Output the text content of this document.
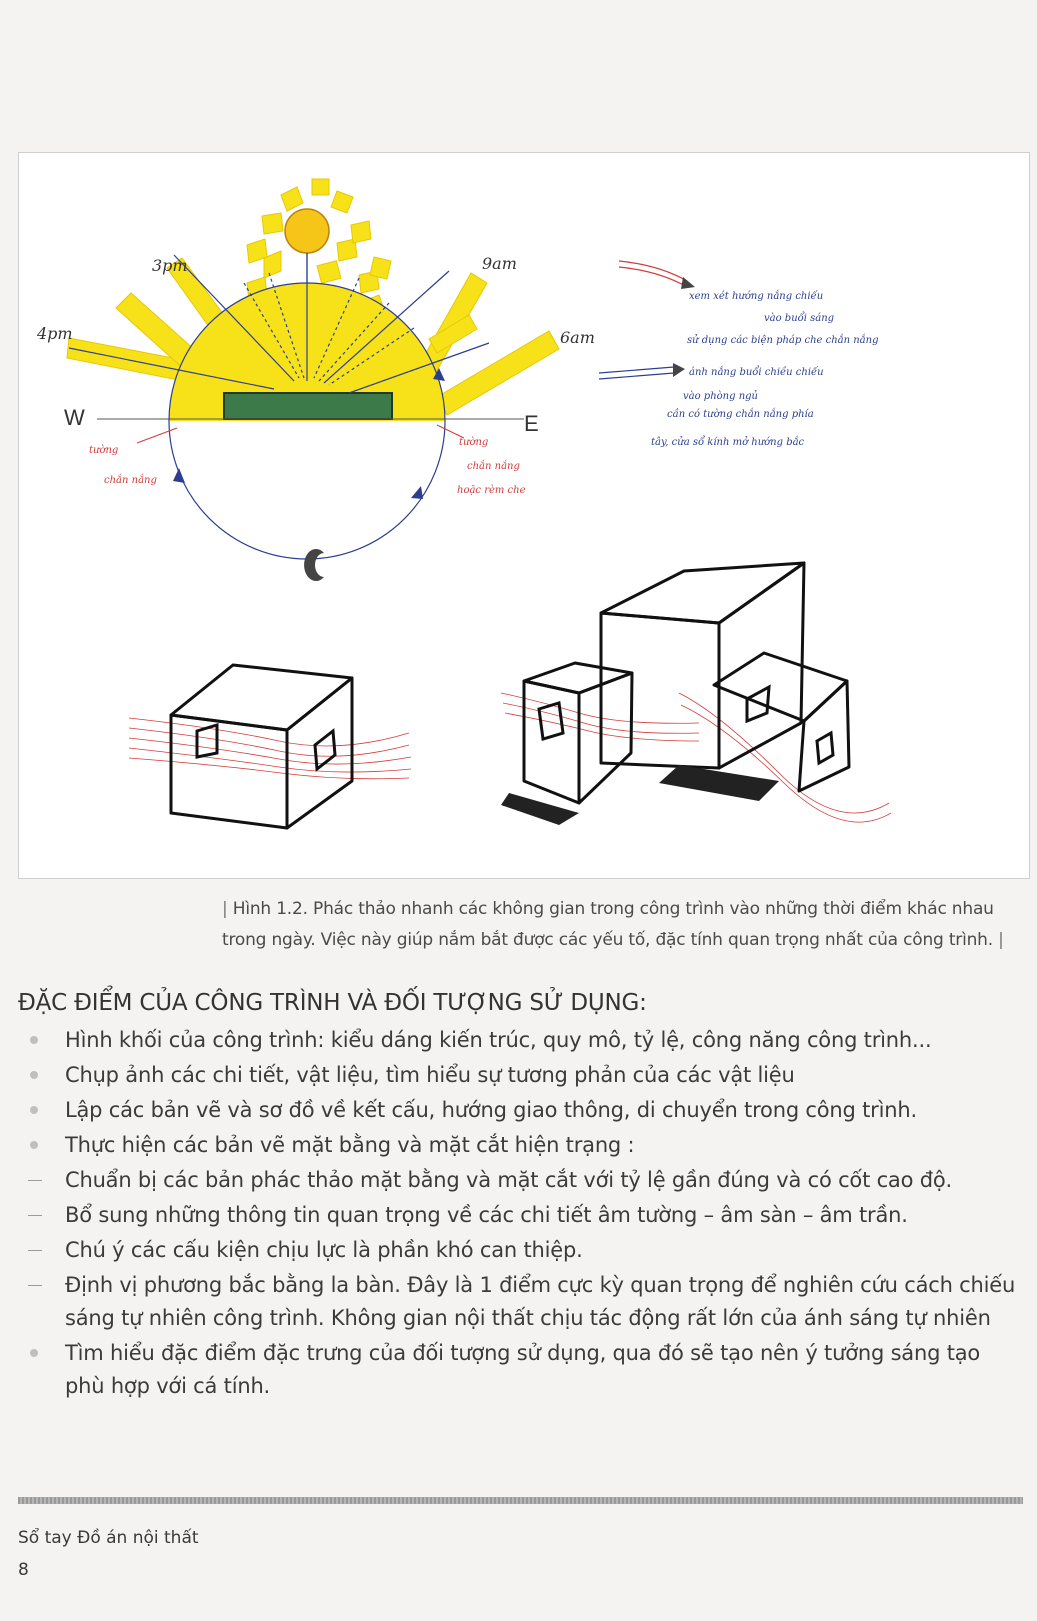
3pm
4pm
9am
6am
W	E
tường
chắn nắng
tường
chắn nắng
hoặc rèm che
xem xét hướng nắng chiếu
vào buổi sáng
sử dụng các biện pháp che chắn nắng
ánh nắng buổi chiều chiếu
vào phòng ngủ
cần có tường chắn nắng phía
tây, cửa sổ kính mở hướng bắc
| Hình 1.2. Phác thảo nhanh các không gian trong công trình vào những thời điểm khác nhau
trong ngày. Việc này giúp nắm bắt được các yếu tố, đặc tính quan trọng nhất của công trình. |
ĐẶC ĐIỂM CỦA CÔNG TRÌNH VÀ ĐỐI TƯỢNG SỬ DỤNG:
Hình khối của công trình: kiểu dáng kiến trúc, quy mô, tỷ lệ, công năng công trình...
Chụp ảnh các chi tiết, vật liệu, tìm hiểu sự tương phản của các vật liệu
Lập các bản vẽ và sơ đồ về kết cấu, hướng giao thông, di chuyển trong công trình.
Thực hiện các bản vẽ mặt bằng và mặt cắt hiện trạng :
Chuẩn bị các bản phác thảo mặt bằng và mặt cắt với tỷ lệ gần đúng và có cốt cao độ.
Bổ sung những thông tin quan trọng về các chi tiết âm tường – âm sàn – âm trần.
Chú ý các cấu kiện chịu lực là phần khó can thiệp.
Định vị phương bắc bằng la bàn. Đây là 1 điểm cực kỳ quan trọng để nghiên cứu cách chiếu sáng tự nhiên công trình. Không gian nội thất chịu tác động rất lớn của ánh sáng tự nhiên
Tìm hiểu đặc điểm đặc trưng của đối tượng sử dụng, qua đó sẽ tạo nên ý tưởng sáng tạo phù hợp với cá tính.
Sổ tay Đồ án nội thất
8
